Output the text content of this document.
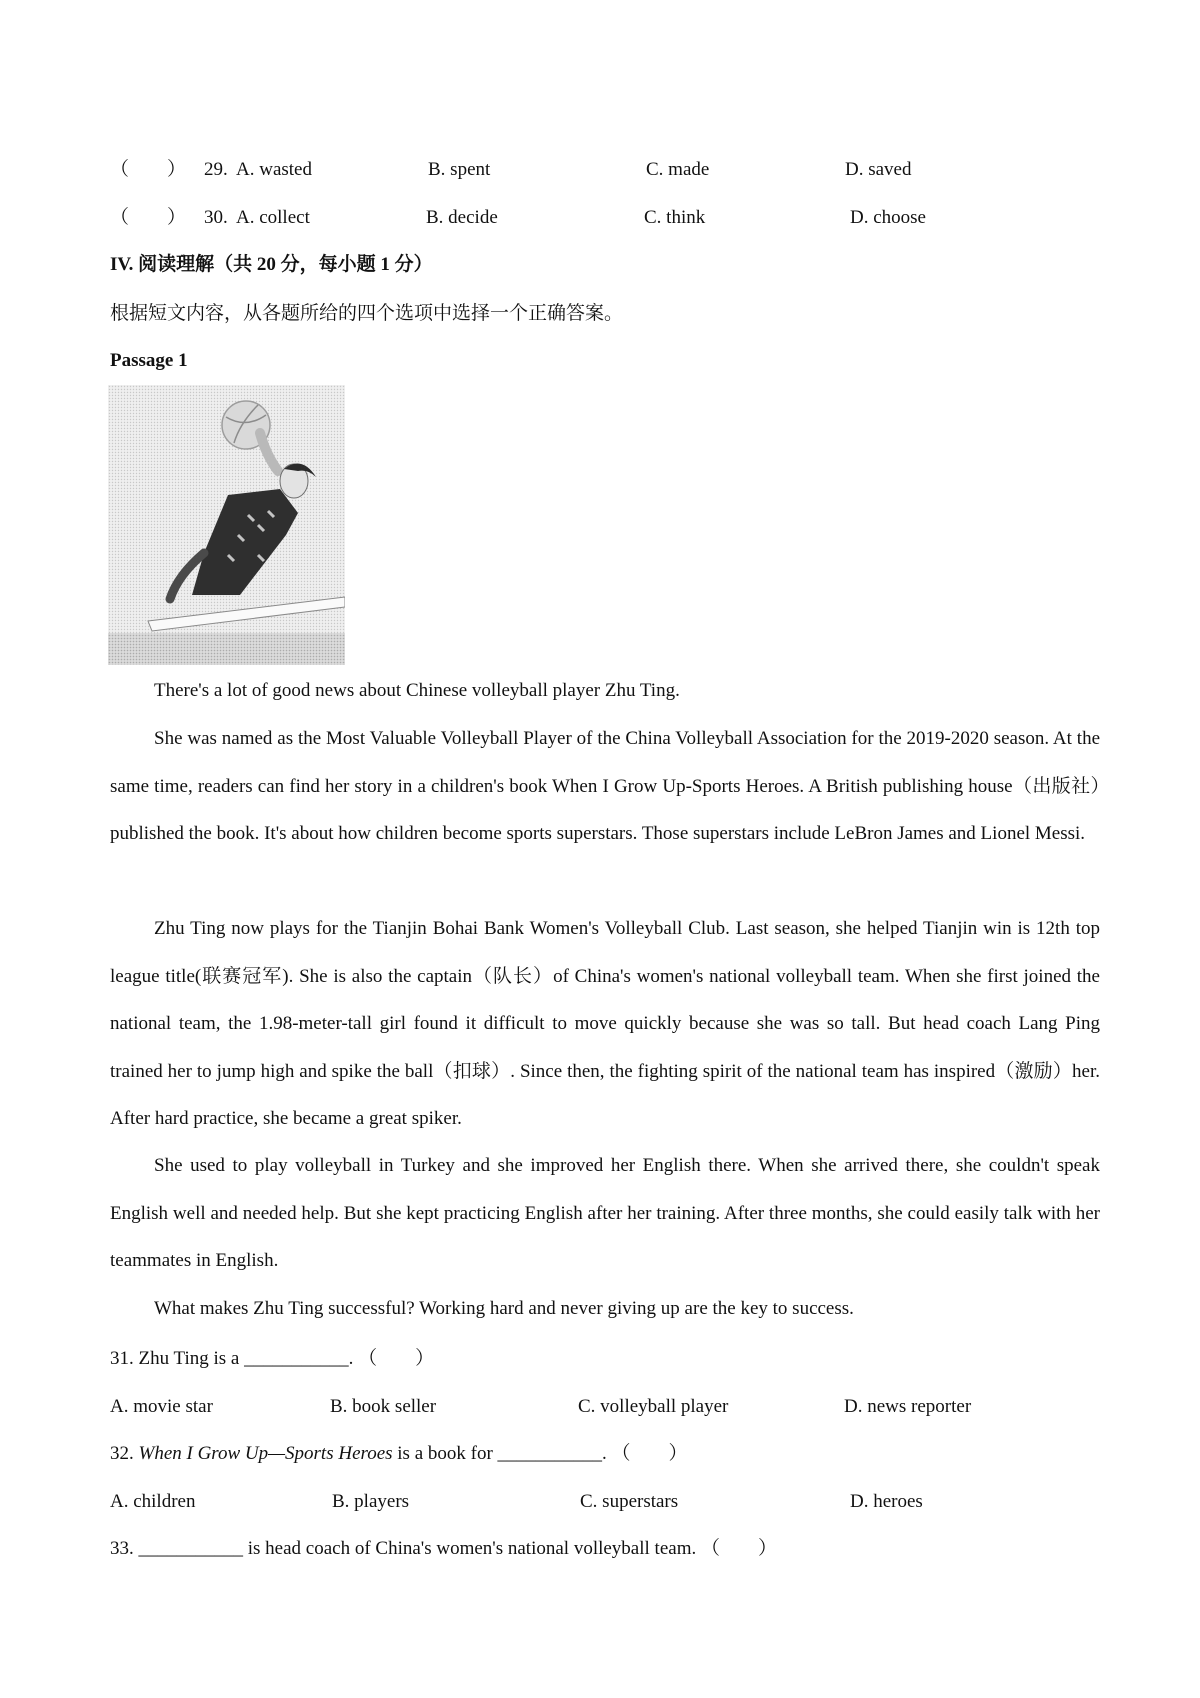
（　　） 29. A. wasted	B. spent	C. made	D. saved
（　　） 30. A. collect	B. decide	C. think	D. choose
IV. 阅读理解（共 20 分，每小题 1 分）
根据短文内容，从各题所给的四个选项中选择一个正确答案。
Passage 1
There's a lot of good news about Chinese volleyball player Zhu Ting.
She was named as the Most Valuable Volleyball Player of the China Volleyball Association for the 2019-2020 season. At the same time, readers can find her story in a children's book When I Grow Up-Sports Heroes. A British publishing house（出版社）published the book. It's about how children become sports superstars. Those superstars include LeBron James and Lionel Messi.
Zhu Ting now plays for the Tianjin Bohai Bank Women's Volleyball Club. Last season, she helped Tianjin win is 12th top league title(联赛冠军). She is also the captain（队长）of China's women's national volleyball team. When she first joined the national team, the 1.98-meter-tall girl found it difficult to move quickly because she was so tall. But head coach Lang Ping trained her to jump high and spike the ball（扣球）. Since then, the fighting spirit of the national team has inspired（激励）her. After hard practice, she became a great spiker.
She used to play volleyball in Turkey and she improved her English there. When she arrived there, she couldn't speak English well and needed help. But she kept practicing English after her training. After three months, she could easily talk with her teammates in English.
What makes Zhu Ting successful? Working hard and never giving up are the key to success.
31. Zhu Ting is a ___________. （　　）
A. movie star	B. book seller	C. volleyball player	D. news reporter
32. When I Grow Up—Sports Heroes is a book for ___________. （　　）
A. children	B. players	C. superstars	D. heroes
33. ___________ is head coach of China's women's national volleyball team. （　　）
